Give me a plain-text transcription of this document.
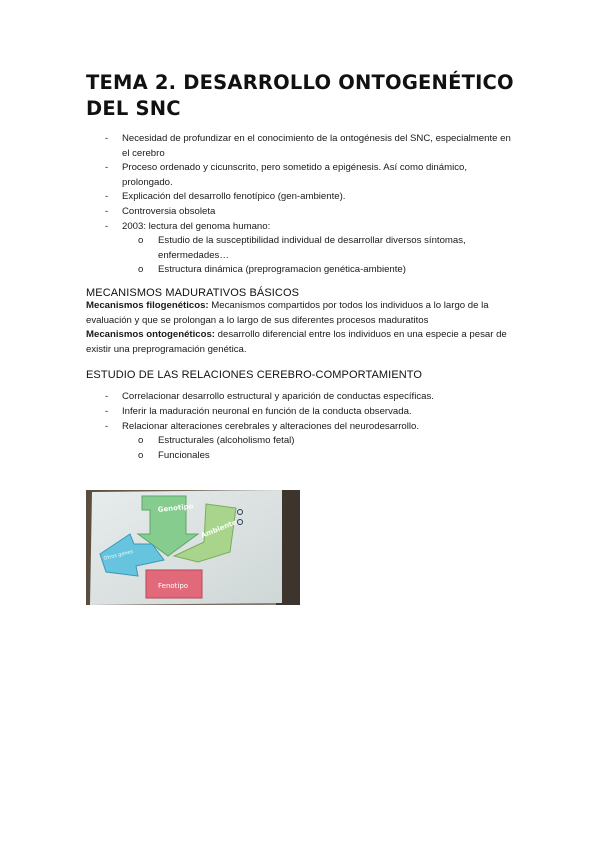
TEMA 2. DESARROLLO ONTOGENÉTICO DEL SNC
- Necesidad de profundizar en el conocimiento de la ontogénesis del SNC, especialmente en el cerebro
- Proceso ordenado y cicunscrito, pero sometido a epigénesis. Así como dinámico, prolongado.
- Explicación del desarrollo fenotípico (gen-ambiente).
- Controversia obsoleta
- 2003: lectura del genoma humano:
o Estudio de la susceptibilidad individual de desarrollar diversos síntomas, enfermedades…
o Estructura dinámica (preprogramacion genética-ambiente)
MECANISMOS MADURATIVOS BÁSICOS

Mecanismos filogenéticos: Mecanismos compartidos por todos los individuos a lo largo de la evaluación y que se prolongan a lo largo de sus diferentes procesos maduratitos

Mecanismos ontogenéticos: desarrollo diferencial entre los individuos en una especie a pesar de existir una preprogramación genética.

ESTUDIO DE LAS RELACIONES CEREBRO-COMPORTAMIENTO
- Correlacionar desarrollo estructural y aparición de conductas específicas.
- Inferir la maduración neuronal en función de la conducta observada.
- Relacionar alteraciones cerebrales y alteraciones del neurodesarrollo.
o Estructurales (alcoholismo fetal)
o Funcionales
Genotipo
Ambiente
Otros genes
Fenotipo
